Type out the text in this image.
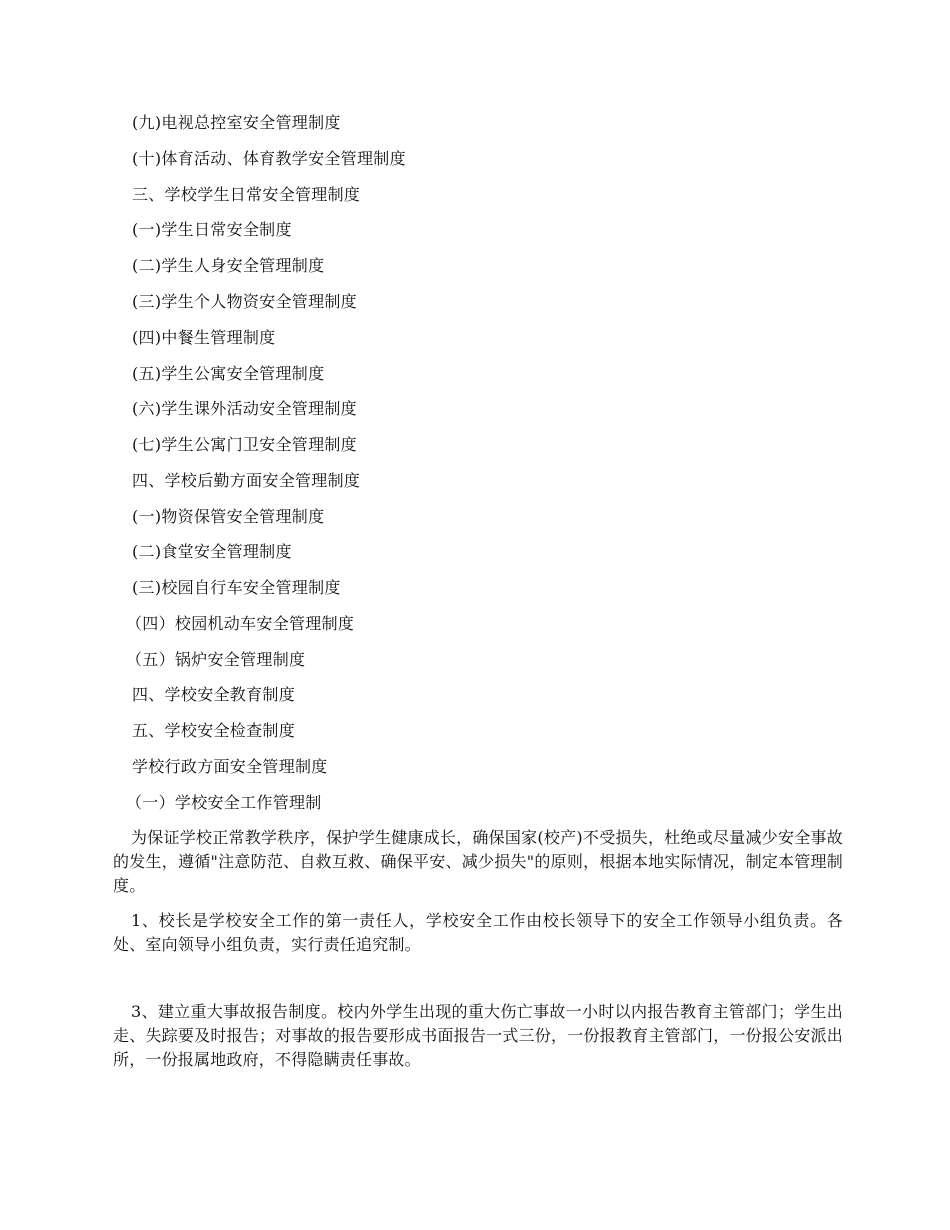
(九)电视总控室安全管理制度
(十)体育活动、体育教学安全管理制度
三、学校学生日常安全管理制度
(一)学生日常安全制度
(二)学生人身安全管理制度
(三)学生个人物资安全管理制度
(四)中餐生管理制度
(五)学生公寓安全管理制度
(六)学生课外活动安全管理制度
(七)学生公寓门卫安全管理制度
四、学校后勤方面安全管理制度
(一)物资保管安全管理制度
(二)食堂安全管理制度
(三)校园自行车安全管理制度
（四）校园机动车安全管理制度
（五）锅炉安全管理制度
四、学校安全教育制度
五、学校安全检查制度
学校行政方面安全管理制度
（一）学校安全工作管理制
为保证学校正常教学秩序，保护学生健康成长，确保国家(校产)不受损失，杜绝或尽量减少安全事故的发生，遵循"注意防范、自救互救、确保平安、减少损失"的原则，根据本地实际情况，制定本管理制度。
1、校长是学校安全工作的第一责任人，学校安全工作由校长领导下的安全工作领导小组负责。各处、室向领导小组负责，实行责任追究制。
3、建立重大事故报告制度。校内外学生出现的重大伤亡事故一小时以内报告教育主管部门；学生出走、失踪要及时报告；对事故的报告要形成书面报告一式三份，一份报教育主管部门，一份报公安派出所，一份报属地政府，不得隐瞒责任事故。
